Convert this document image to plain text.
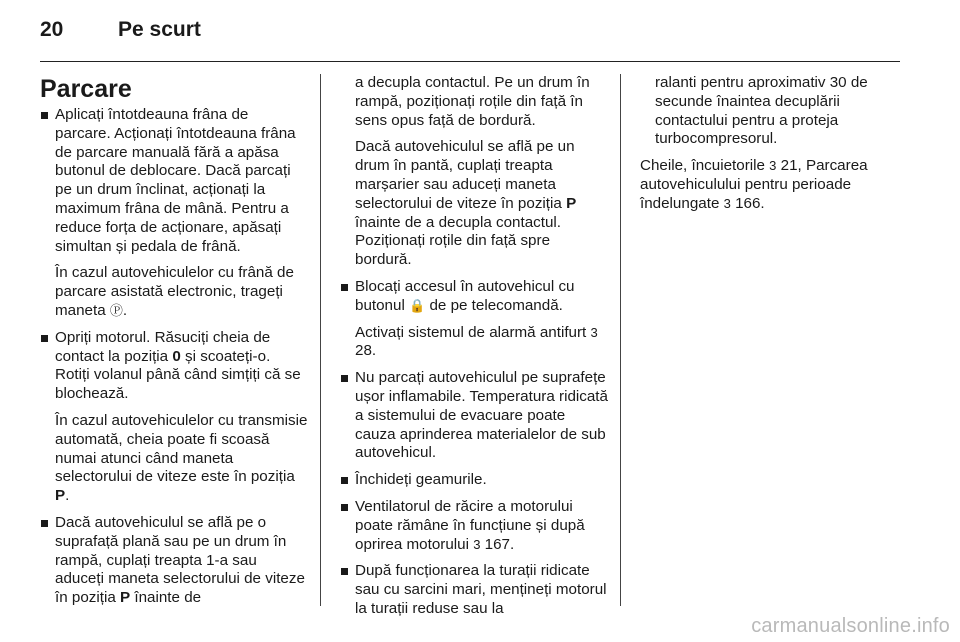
20	Pe scurt
Parcare

Aplicați întotdeauna frâna de parcare. Acționați întotdeauna frâna de parcare manuală fără a apăsa butonul de deblocare. Dacă parcați pe un drum înclinat, acționați la maximum frâna de mână. Pentru a reduce forța de acționare, apăsați simultan și pedala de frână.

În cazul autovehiculelor cu frână de parcare asistată electronic, trageți maneta Ⓟ.

Opriți motorul. Răsuciți cheia de contact la poziția 0 și scoateți-o. Rotiți volanul până când simțiți că se blochează.

În cazul autovehiculelor cu transmisie automată, cheia poate fi scoasă numai atunci când maneta selectorului de viteze este în poziția P.

Dacă autovehiculul se află pe o suprafață plană sau pe un drum în rampă, cuplați treapta 1-a sau aduceți maneta selectorului de viteze în poziția P înainte de

a decupla contactul. Pe un drum în rampă, poziționați roțile din față în sens opus față de bordură.

Dacă autovehiculul se află pe un drum în pantă, cuplați treapta marșarier sau aduceți maneta selectorului de viteze în poziția P înainte de a decupla contactul. Poziționați roțile din față spre bordură.

Blocați accesul în autovehicul cu butonul 🔒 de pe telecomandă.

Activați sistemul de alarmă antifurt 3 28.

Nu parcați autovehiculul pe suprafețe ușor inflamabile. Temperatura ridicată a sistemului de evacuare poate cauza aprinderea materialelor de sub autovehicul.

Închideți geamurile.

Ventilatorul de răcire a motorului poate rămâne în funcțiune și după oprirea motorului 3 167.

După funcționarea la turații ridicate sau cu sarcini mari, mențineți motorul la turații reduse sau la

ralanti pentru aproximativ 30 de secunde înaintea decuplării contactului pentru a proteja turbocompresorul.

Cheile, încuietorile 3 21, Parcarea autovehiculului pentru perioade îndelungate 3 166.

carmanualsonline.info
